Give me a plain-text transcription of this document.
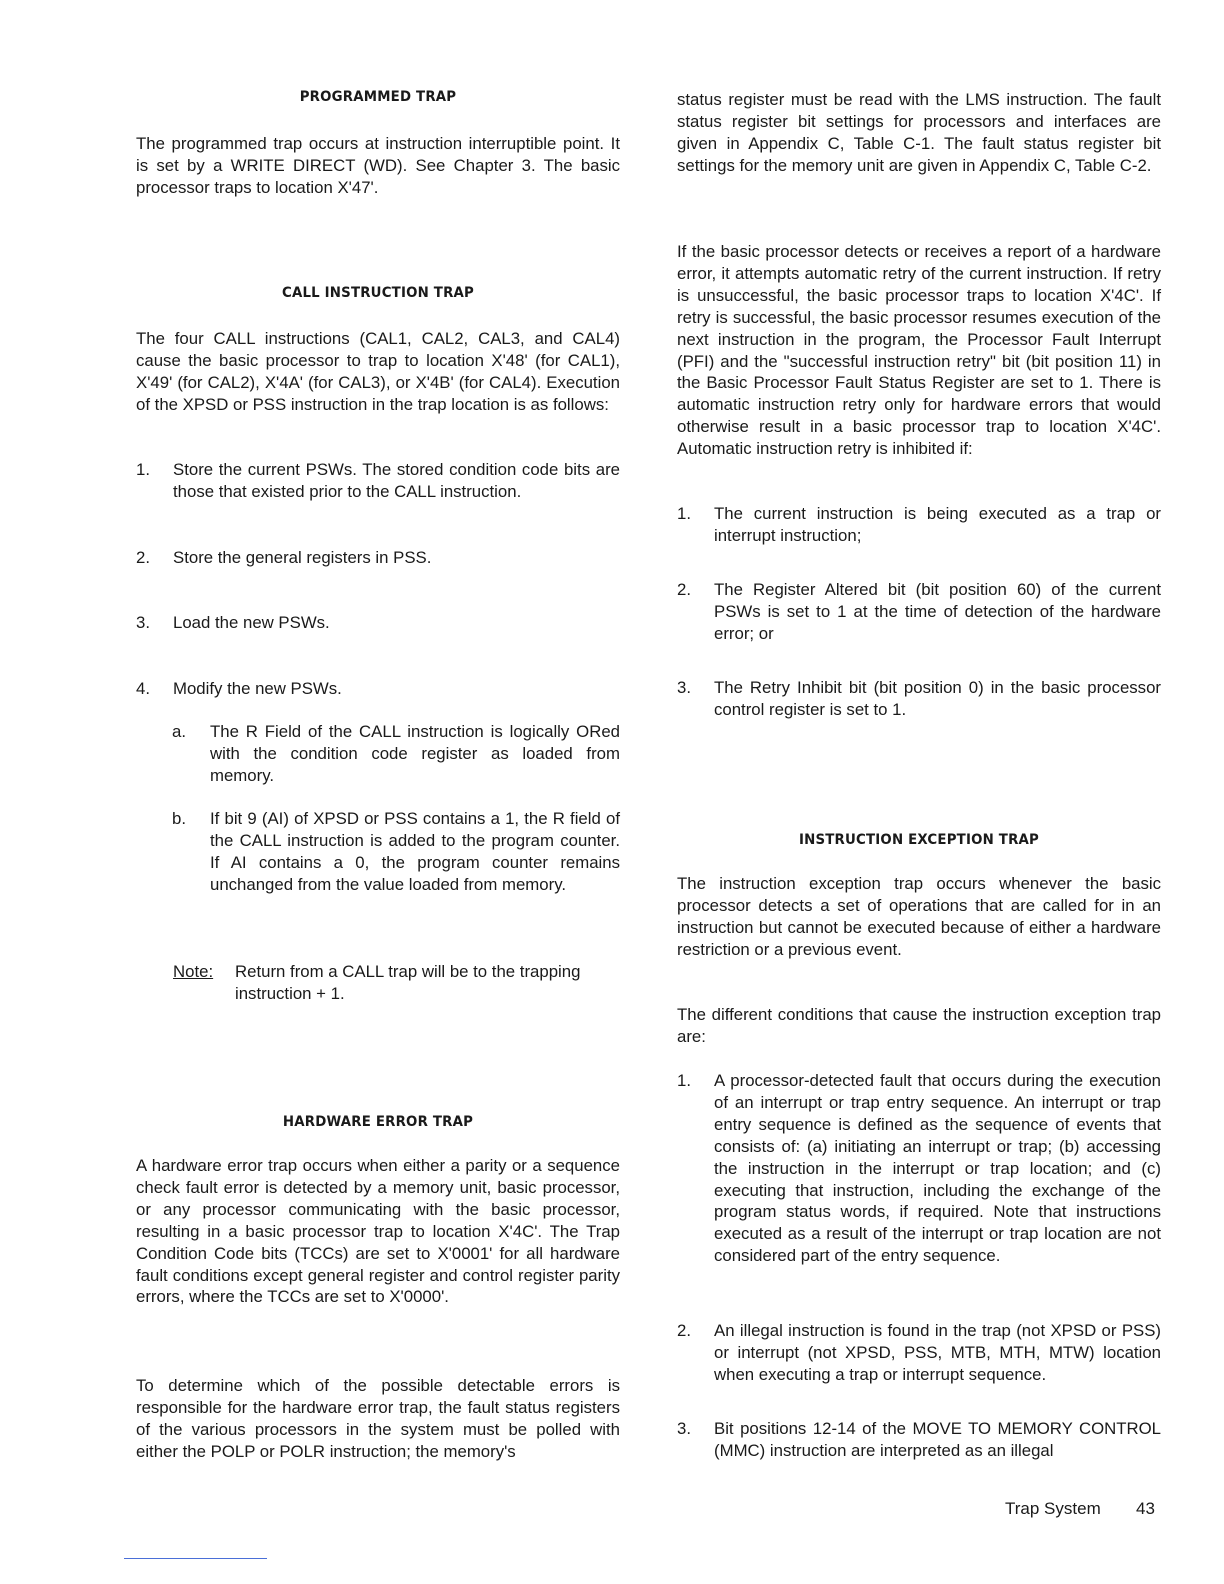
PROGRAMMED TRAP
The programmed trap occurs at instruction interruptible point. It is set by a WRITE DIRECT (WD). See Chapter 3. The basic processor traps to location X'47'.
CALL INSTRUCTION TRAP
The four CALL instructions (CAL1, CAL2, CAL3, and CAL4) cause the basic processor to trap to location X'48' (for CAL1), X'49' (for CAL2), X'4A' (for CAL3), or X'4B' (for CAL4). Execution of the XPSD or PSS instruction in the trap location is as follows:
1. Store the current PSWs. The stored condition code bits are those that existed prior to the CALL instruction.
2. Store the general registers in PSS.
3. Load the new PSWs.
4. Modify the new PSWs.
a. The R Field of the CALL instruction is logically ORed with the condition code register as loaded from memory.
b. If bit 9 (AI) of XPSD or PSS contains a 1, the R field of the CALL instruction is added to the program counter. If AI contains a 0, the program counter remains unchanged from the value loaded from memory.
Note: Return from a CALL trap will be to the trapping instruction + 1.
HARDWARE ERROR TRAP
A hardware error trap occurs when either a parity or a sequence check fault error is detected by a memory unit, basic processor, or any processor communicating with the basic processor, resulting in a basic processor trap to location X'4C'. The Trap Condition Code bits (TCCs) are set to X'0001' for all hardware fault conditions except general register and control register parity errors, where the TCCs are set to X'0000'.
To determine which of the possible detectable errors is responsible for the hardware error trap, the fault status registers of the various processors in the system must be polled with either the POLP or POLR instruction; the memory's
status register must be read with the LMS instruction. The fault status register bit settings for processors and interfaces are given in Appendix C, Table C-1. The fault status register bit settings for the memory unit are given in Appendix C, Table C-2.
If the basic processor detects or receives a report of a hardware error, it attempts automatic retry of the current instruction. If retry is unsuccessful, the basic processor traps to location X'4C'. If retry is successful, the basic processor resumes execution of the next instruction in the program, the Processor Fault Interrupt (PFI) and the "successful instruction retry" bit (bit position 11) in the Basic Processor Fault Status Register are set to 1. There is automatic instruction retry only for hardware errors that would otherwise result in a basic processor trap to location X'4C'. Automatic instruction retry is inhibited if:
1. The current instruction is being executed as a trap or interrupt instruction;
2. The Register Altered bit (bit position 60) of the current PSWs is set to 1 at the time of detection of the hardware error; or
3. The Retry Inhibit bit (bit position 0) in the basic processor control register is set to 1.
INSTRUCTION EXCEPTION TRAP
The instruction exception trap occurs whenever the basic processor detects a set of operations that are called for in an instruction but cannot be executed because of either a hardware restriction or a previous event.
The different conditions that cause the instruction exception trap are:
1. A processor-detected fault that occurs during the execution of an interrupt or trap entry sequence. An interrupt or trap entry sequence is defined as the sequence of events that consists of: (a) initiating an interrupt or trap; (b) accessing the instruction in the interrupt or trap location; and (c) executing that instruction, including the exchange of the program status words, if required. Note that instructions executed as a result of the interrupt or trap location are not considered part of the entry sequence.
2. An illegal instruction is found in the trap (not XPSD or PSS) or interrupt (not XPSD, PSS, MTB, MTH, MTW) location when executing a trap or interrupt sequence.
3. Bit positions 12-14 of the MOVE TO MEMORY CONTROL (MMC) instruction are interpreted as an illegal
Trap System 43
